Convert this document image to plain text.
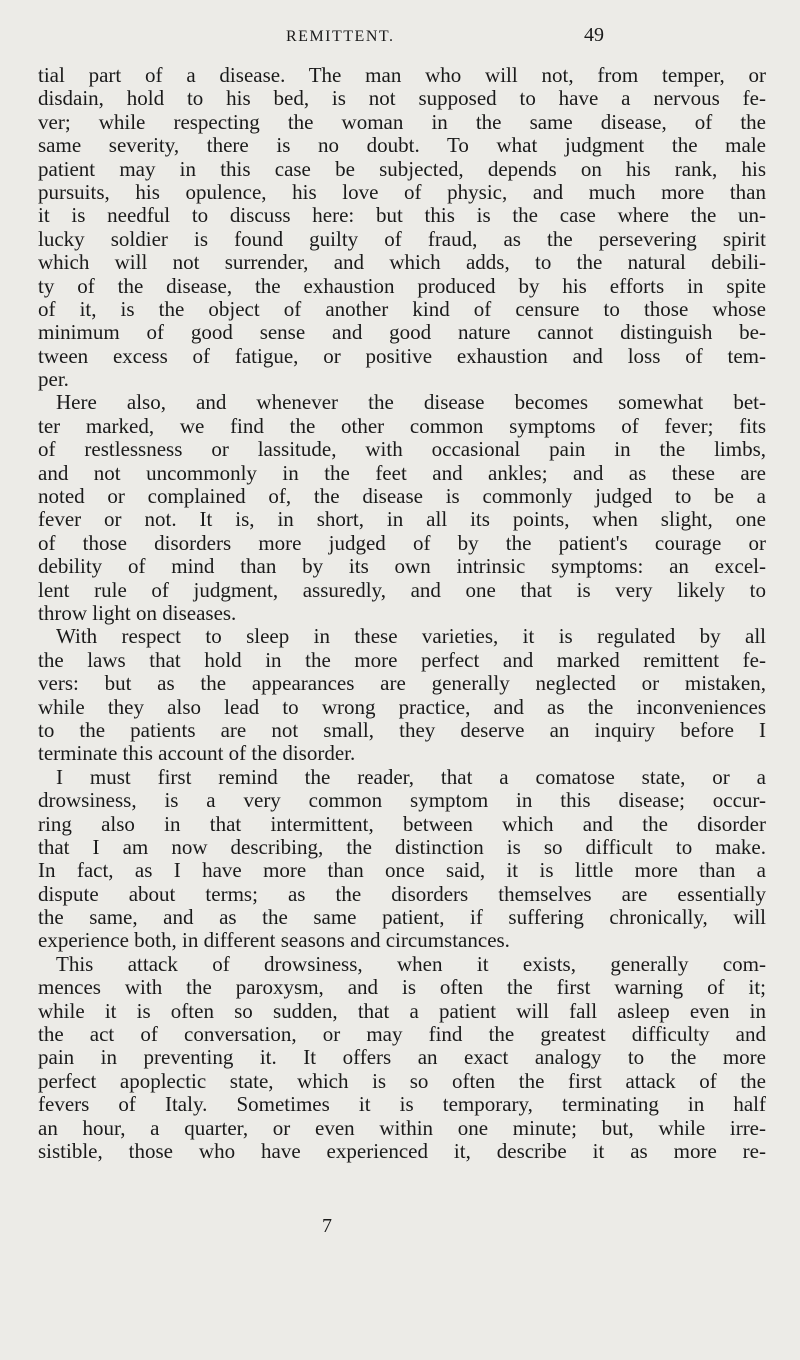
REMITTENT.	49
tial part of a disease. The man who will not, from temper, or
disdain, hold to his bed, is not supposed to have a nervous fe-
ver; while respecting the woman in the same disease, of the
same severity, there is no doubt. To what judgment the male
patient may in this case be subjected, depends on his rank, his
pursuits, his opulence, his love of physic, and much more than
it is needful to discuss here: but this is the case where the un-
lucky soldier is found guilty of fraud, as the persevering spirit
which will not surrender, and which adds, to the natural debili-
ty of the disease, the exhaustion produced by his efforts in spite
of it, is the object of another kind of censure to those whose
minimum of good sense and good nature cannot distinguish be-
tween excess of fatigue, or positive exhaustion and loss of tem-
per.
Here also, and whenever the disease becomes somewhat bet-
ter marked, we find the other common symptoms of fever; fits
of restlessness or lassitude, with occasional pain in the limbs,
and not uncommonly in the feet and ankles; and as these are
noted or complained of, the disease is commonly judged to be a
fever or not. It is, in short, in all its points, when slight, one
of those disorders more judged of by the patient's courage or
debility of mind than by its own intrinsic symptoms: an excel-
lent rule of judgment, assuredly, and one that is very likely to
throw light on diseases.
With respect to sleep in these varieties, it is regulated by all
the laws that hold in the more perfect and marked remittent fe-
vers: but as the appearances are generally neglected or mistaken,
while they also lead to wrong practice, and as the inconveniences
to the patients are not small, they deserve an inquiry before I
terminate this account of the disorder.
I must first remind the reader, that a comatose state, or a
drowsiness, is a very common symptom in this disease; occur-
ring also in that intermittent, between which and the disorder
that I am now describing, the distinction is so difficult to make.
In fact, as I have more than once said, it is little more than a
dispute about terms; as the disorders themselves are essentially
the same, and as the same patient, if suffering chronically, will
experience both, in different seasons and circumstances.
This attack of drowsiness, when it exists, generally com-
mences with the paroxysm, and is often the first warning of it;
while it is often so sudden, that a patient will fall asleep even in
the act of conversation, or may find the greatest difficulty and
pain in preventing it. It offers an exact analogy to the more
perfect apoplectic state, which is so often the first attack of the
fevers of Italy. Sometimes it is temporary, terminating in half
an hour, a quarter, or even within one minute; but, while irre-
sistible, those who have experienced it, describe it as more re-
7
